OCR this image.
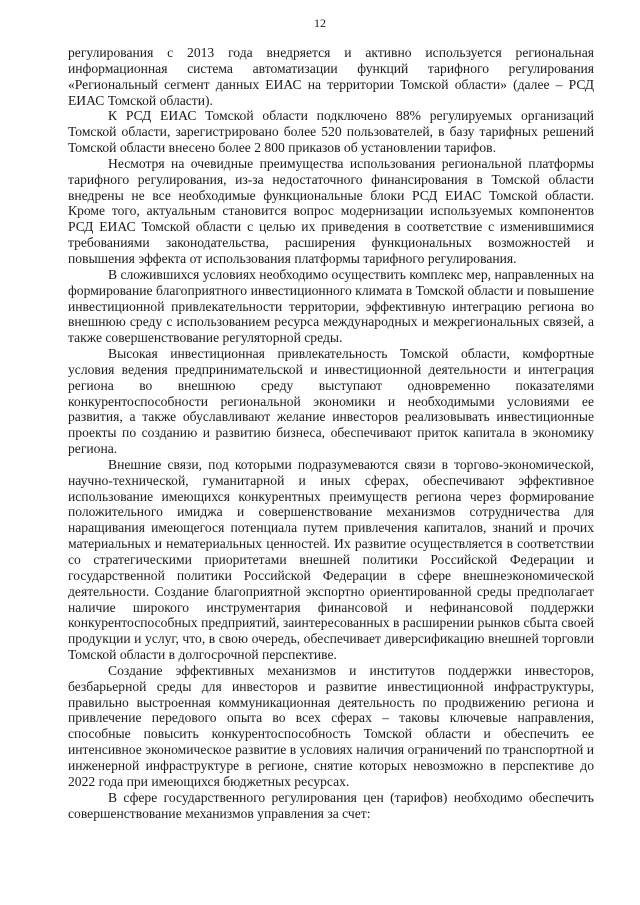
12

регулирования с 2013 года внедряется и активно используется региональная информационная система автоматизации функций тарифного регулирования «Региональный сегмент данных ЕИАС на территории Томской области» (далее – РСД ЕИАС Томской области).

К РСД ЕИАС Томской области подключено 88% регулируемых организаций Томской области, зарегистрировано более 520 пользователей, в базу тарифных решений Томской области внесено более 2 800 приказов об установлении тарифов.

Несмотря на очевидные преимущества использования региональной платформы тарифного регулирования, из-за недостаточного финансирования в Томской области внедрены не все необходимые функциональные блоки РСД ЕИАС Томской области. Кроме того, актуальным становится вопрос модернизации используемых компонентов РСД ЕИАС Томской области с целью их приведения в соответствие с изменившимися требованиями законодательства, расширения функциональных возможностей и повышения эффекта от использования платформы тарифного регулирования.

В сложившихся условиях необходимо осуществить комплекс мер, направленных на формирование благоприятного инвестиционного климата в Томской области и повышение инвестиционной привлекательности территории, эффективную интеграцию региона во внешнюю среду с использованием ресурса международных и межрегиональных связей, а также совершенствование регуляторной среды.

Высокая инвестиционная привлекательность Томской области, комфортные условия ведения предпринимательской и инвестиционной деятельности и интеграция региона во внешнюю среду выступают одновременно показателями конкурентоспособности региональной экономики и необходимыми условиями ее развития, а также обуславливают желание инвесторов реализовывать инвестиционные проекты по созданию и развитию бизнеса, обеспечивают приток капитала в экономику региона.

Внешние связи, под которыми подразумеваются связи в торгово-экономической, научно-технической, гуманитарной и иных сферах, обеспечивают эффективное использование имеющихся конкурентных преимуществ региона через формирование положительного имиджа и совершенствование механизмов сотрудничества для наращивания имеющегося потенциала путем привлечения капиталов, знаний и прочих материальных и нематериальных ценностей. Их развитие осуществляется в соответствии со стратегическими приоритетами внешней политики Российской Федерации и государственной политики Российской Федерации в сфере внешнеэкономической деятельности. Создание благоприятной экспортно ориентированной среды предполагает наличие широкого инструментария финансовой и нефинансовой поддержки конкурентоспособных предприятий, заинтересованных в расширении рынков сбыта своей продукции и услуг, что, в свою очередь, обеспечивает диверсификацию внешней торговли Томской области в долгосрочной перспективе.

Создание эффективных механизмов и институтов поддержки инвесторов, безбарьерной среды для инвесторов и развитие инвестиционной инфраструктуры, правильно выстроенная коммуникационная деятельность по продвижению региона и привлечение передового опыта во всех сферах – таковы ключевые направления, способные повысить конкурентоспособность Томской области и обеспечить ее интенсивное экономическое развитие в условиях наличия ограничений по транспортной и инженерной инфраструктуре в регионе, снятие которых невозможно в перспективе до 2022 года при имеющихся бюджетных ресурсах.

В сфере государственного регулирования цен (тарифов) необходимо обеспечить совершенствование механизмов управления за счет:
